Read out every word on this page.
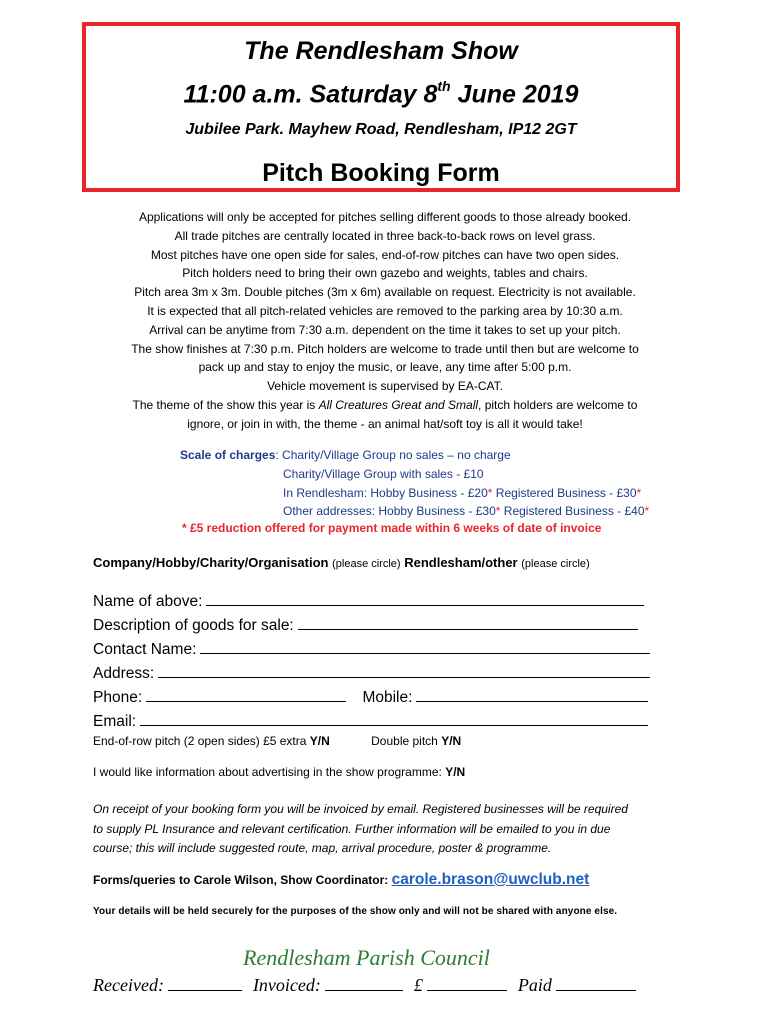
The Rendlesham Show
11:00 a.m. Saturday 8th June 2019
Jubilee Park. Mayhew Road, Rendlesham, IP12 2GT
Pitch Booking Form

Applications will only be accepted for pitches selling different goods to those already booked.

All trade pitches are centrally located in three back-to-back rows on level grass.

Most pitches have one open side for sales, end-of-row pitches can have two open sides.

Pitch holders need to bring their own gazebo and weights, tables and chairs.

Pitch area 3m x 3m. Double pitches (3m x 6m) available on request. Electricity is not available.

It is expected that all pitch-related vehicles are removed to the parking area by 10:30 a.m.

Arrival can be anytime from 7:30 a.m. dependent on the time it takes to set up your pitch.

The show finishes at 7:30 p.m. Pitch holders are welcome to trade until then but are welcome to

pack up and stay to enjoy the music, or leave, any time after 5:00 p.m.

Vehicle movement is supervised by EA-CAT.

The theme of the show this year is All Creatures Great and Small, pitch holders are welcome to

ignore, or join in with, the theme - an animal hat/soft toy is all it would take!

Scale of charges: Charity/Village Group no sales – no charge
Charity/Village Group with sales - £10
In Rendlesham: Hobby Business - £20* Registered Business - £30*
Other addresses: Hobby Business - £30* Registered Business - £40*
* £5 reduction offered for payment made within 6 weeks of date of invoice
Company/Hobby/Charity/Organisation (please circle) Rendlesham/other (please circle)
Name of above:
Description of goods for sale:
Contact Name:
Address:
Phone:	Mobile:
Email:
End-of-row pitch (2 open sides) £5 extra Y/N	Double pitch Y/N
I would like information about advertising in the show programme: Y/N

On receipt of your booking form you will be invoiced by email. Registered businesses will be required

to supply PL Insurance and relevant certification. Further information will be emailed to you in due

course; this will include suggested route, map, arrival procedure, poster & programme.

Forms/queries to Carole Wilson, Show Coordinator: carole.brason@uwclub.net
Your details will be held securely for the purposes of the show only and will not be shared with anyone else.
Rendlesham Parish Council
Received:	Invoiced:	£	Paid
